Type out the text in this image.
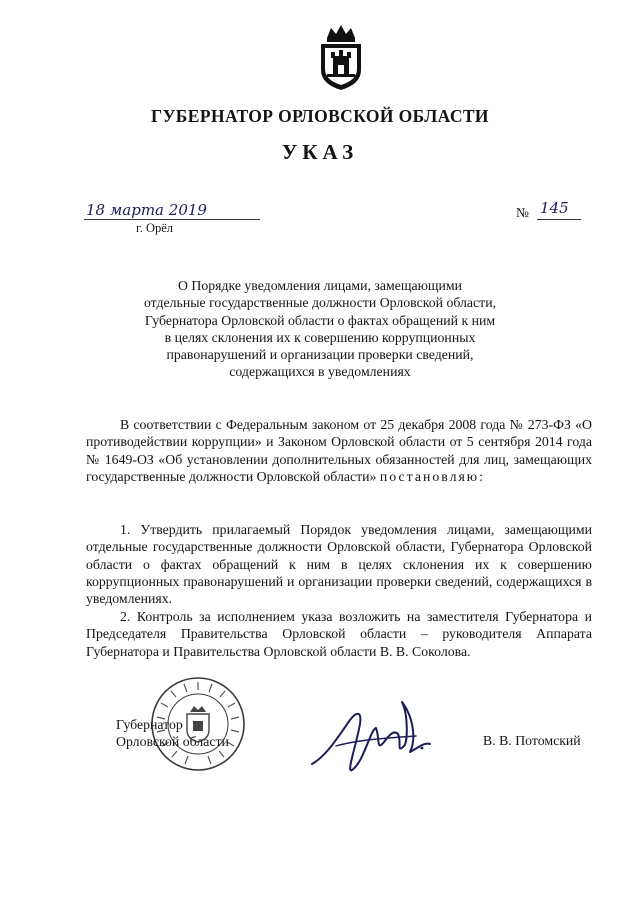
ГУБЕРНАТОР ОРЛОВСКОЙ ОБЛАСТИ
УКАЗ
18 марта 2019	№ 145
г. Орёл
О Порядке уведомления лицами, замещающими
отдельные государственные должности Орловской области,
Губернатора Орловской области о фактах обращений к ним
в целях склонения их к совершению коррупционных
правонарушений и организации проверки сведений,
содержащихся в уведомлениях
В соответствии с Федеральным законом от 25 декабря 2008 года № 273-ФЗ «О противодействии коррупции» и Законом Орловской области от 5 сентября 2014 года № 1649-ОЗ «Об установлении дополнительных обязанностей для лиц, замещающих государственные должности Орловской области» постановляю:
1. Утвердить прилагаемый Порядок уведомления лицами, замещающими отдельные государственные должности Орловской области, Губернатора Орловской области о фактах обращений к ним в целях склонения их к совершению коррупционных правонарушений и организации проверки сведений, содержащихся в уведомлениях.
2. Контроль за исполнением указа возложить на заместителя Губернатора и Председателя Правительства Орловской области – руководителя Аппарата Губернатора и Правительства Орловской области В. В. Соколова.
Губернатор
Орловской области	В. В. Потомский
